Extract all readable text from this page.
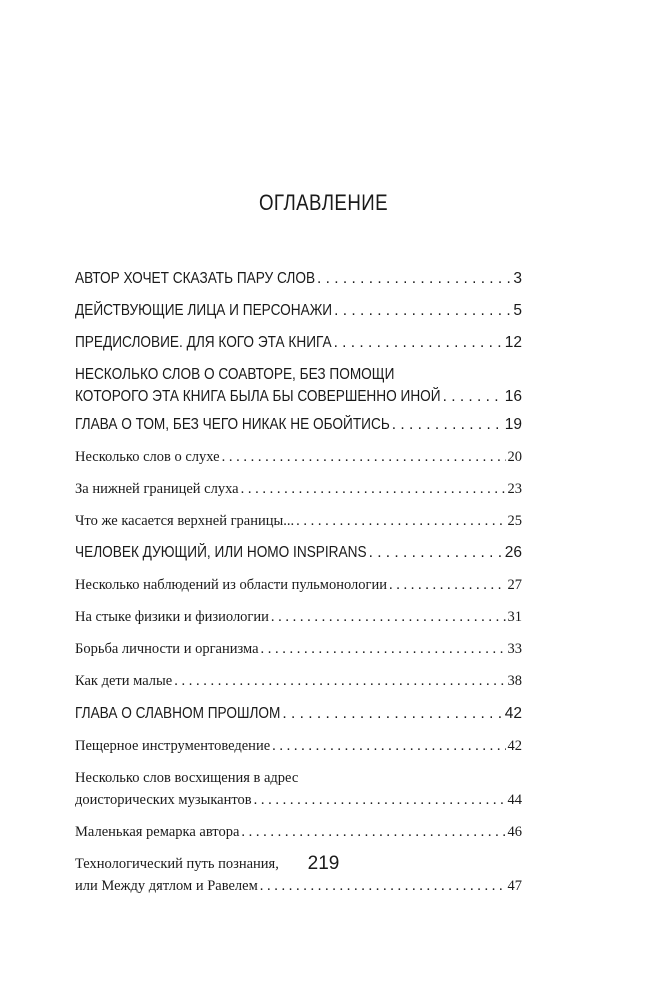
ОГЛАВЛЕНИЕ
АВТОР ХОЧЕТ СКАЗАТЬ ПАРУ СЛОВ . . .	3
ДЕЙСТВУЮЩИЕ ЛИЦА И ПЕРСОНАЖИ . . .	5
ПРЕДИСЛОВИЕ. ДЛЯ КОГО ЭТА КНИГА . . .	12
НЕСКОЛЬКО СЛОВ О СОАВТОРЕ, БЕЗ ПОМОЩИ
КОТОРОГО ЭТА КНИГА БЫЛА БЫ СОВЕРШЕННО ИНОЙ . . .	16
ГЛАВА О ТОМ, БЕЗ ЧЕГО НИКАК НЕ ОБОЙТИСЬ . . .	19
Несколько слов о слухе . . .	20
За нижней границей слуха . . .	23
Что же касается верхней границы... . . .	25
ЧЕЛОВЕК ДУЮЩИЙ, ИЛИ HOMO INSPIRANS . . .	26
Несколько наблюдений из области пульмонологии . . .	27
На стыке физики и физиологии . . .	31
Борьба личности и организма . . .	33
Как дети малые . . .	38
ГЛАВА О СЛАВНОМ ПРОШЛОМ . . .	42
Пещерное инструментоведение . . .	42
Несколько слов восхищения в адрес
доисторических музыкантов . . .	44
Маленькая ремарка автора . . .	46
Технологический путь познания,
или Между дятлом и Равелем . . .	47
219
